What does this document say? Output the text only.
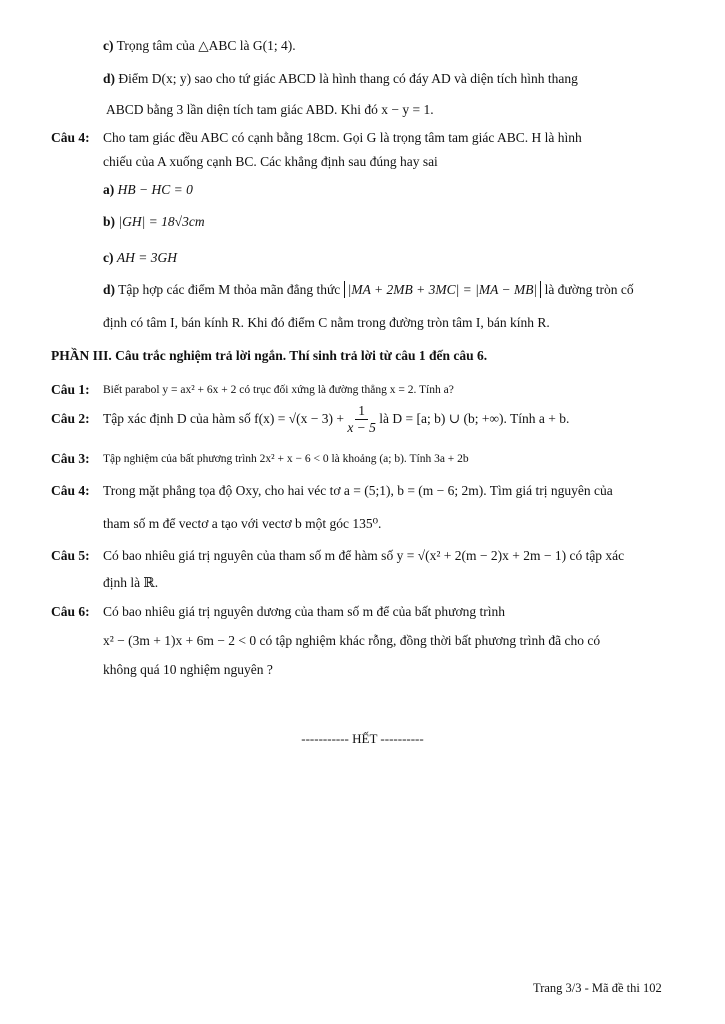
c) Trọng tâm của △ABC là G(1; 4).
d) Điểm D(x; y) sao cho tứ giác ABCD là hình thang có đáy AD và diện tích hình thang
ABCD bằng 3 lần diện tích tam giác ABD. Khi đó x − y = 1.
Câu 4: Cho tam giác đều ABC có cạnh bằng 18cm. Gọi G là trọng tâm tam giác ABC. H là hình
chiếu của A xuống cạnh BC. Các khẳng định sau đúng hay sai
a) HB − HC = 0
b) |GH| = 18√3cm
c) AH = 3GH
d) Tập hợp các điểm M thỏa mãn đẳng thức |MA + 2MB + 3MC| = |MA − MB| là đường tròn cố
định có tâm I, bán kính R. Khi đó điểm C nằm trong đường tròn tâm I, bán kính R.
PHẦN III. Câu trắc nghiệm trả lời ngắn. Thí sinh trả lời từ câu 1 đến câu 6.
Câu 1: Biết parabol y = ax² + 6x + 2 có trục đối xứng là đường thẳng x = 2. Tính a?
Câu 2: Tập xác định D của hàm số $f(x) = √(x - 3) + \frac{1}{x - 5}$ là D = [a; b) ∪ (b; +∞). Tính a + b.
Câu 3: Tập nghiệm của bất phương trình 2x² + x − 6 < 0 là khoảng (a; b). Tính 3a + 2b
Câu 4: Trong mặt phẳng tọa độ Oxy, cho hai véc tơ a = (5;1), b = (m − 6; 2m). Tìm giá trị nguyên của
tham số m để vectơ a tạo với vectơ b một góc 135⁰.
Câu 5: Có bao nhiêu giá trị nguyên của tham số m để hàm số y = √(x² + 2(m − 2)x + 2m − 1) có tập xác
định là ℝ.
Câu 6: Có bao nhiêu giá trị nguyên dương của tham số m để của bất phương trình
x² − (3m + 1)x + 6m − 2 < 0 có tập nghiệm khác rỗng, đồng thời bất phương trình đã cho có
không quá 10 nghiệm nguyên ?
----------- HẾT ----------
Trang 3/3 - Mã đề thi 102
